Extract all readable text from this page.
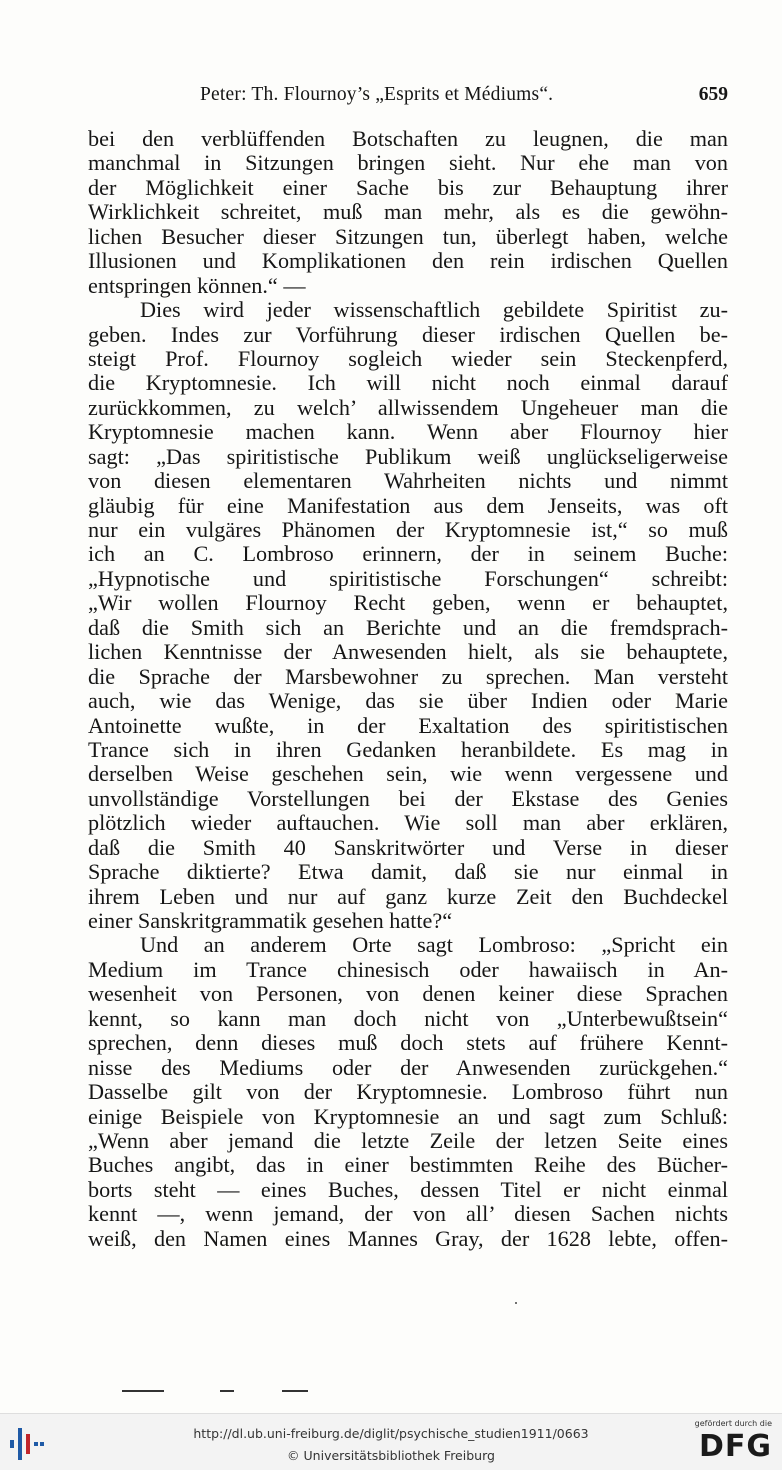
Peter: Th. Flournoy’s „Esprits et Médiums“.	659
bei den verblüffenden Botschaften zu leugnen, die man
manchmal in Sitzungen bringen sieht. Nur ehe man von
der Möglichkeit einer Sache bis zur Behauptung ihrer
Wirklichkeit schreitet, muß man mehr, als es die gewöhn-
lichen Besucher dieser Sitzungen tun, überlegt haben, welche
Illusionen und Komplikationen den rein irdischen Quellen
entspringen können.“ —
Dies wird jeder wissenschaftlich gebildete Spiritist zu-
geben. Indes zur Vorführung dieser irdischen Quellen be-
steigt Prof. Flournoy sogleich wieder sein Steckenpferd,
die Kryptomnesie. Ich will nicht noch einmal darauf
zurückkommen, zu welch’ allwissendem Ungeheuer man die
Kryptomnesie machen kann. Wenn aber Flournoy hier
sagt: „Das spiritistische Publikum weiß unglückseligerweise
von diesen elementaren Wahrheiten nichts und nimmt
gläubig für eine Manifestation aus dem Jenseits, was oft
nur ein vulgäres Phänomen der Kryptomnesie ist,“ so muß
ich an C. Lombroso erinnern, der in seinem Buche:
„Hypnotische und spiritistische Forschungen“ schreibt:
„Wir wollen Flournoy Recht geben, wenn er behauptet,
daß die Smith sich an Berichte und an die fremdsprach-
lichen Kenntnisse der Anwesenden hielt, als sie behauptete,
die Sprache der Marsbewohner zu sprechen. Man versteht
auch, wie das Wenige, das sie über Indien oder Marie
Antoinette wußte, in der Exaltation des spiritistischen
Trance sich in ihren Gedanken heranbildete. Es mag in
derselben Weise geschehen sein, wie wenn vergessene und
unvollständige Vorstellungen bei der Ekstase des Genies
plötzlich wieder auftauchen. Wie soll man aber erklären,
daß die Smith 40 Sanskritwörter und Verse in dieser
Sprache diktierte? Etwa damit, daß sie nur einmal in
ihrem Leben und nur auf ganz kurze Zeit den Buchdeckel
einer Sanskritgrammatik gesehen hatte?“
Und an anderem Orte sagt Lombroso: „Spricht ein
Medium im Trance chinesisch oder hawaiisch in An-
wesenheit von Personen, von denen keiner diese Sprachen
kennt, so kann man doch nicht von „Unterbewußtsein“
sprechen, denn dieses muß doch stets auf frühere Kennt-
nisse des Mediums oder der Anwesenden zurückgehen.“
Dasselbe gilt von der Kryptomnesie. Lombroso führt nun
einige Beispiele von Kryptomnesie an und sagt zum Schluß:
„Wenn aber jemand die letzte Zeile der letzen Seite eines
Buches angibt, das in einer bestimmten Reihe des Bücher-
borts steht — eines Buches, dessen Titel er nicht einmal
kennt —, wenn jemand, der von all’ diesen Sachen nichts
weiß, den Namen eines Mannes Gray, der 1628 lebte, offen-
http://dl.ub.uni-freiburg.de/diglit/psychische_studien1911/0663
© Universitätsbibliothek Freiburg
gefördert durch die
DFG
